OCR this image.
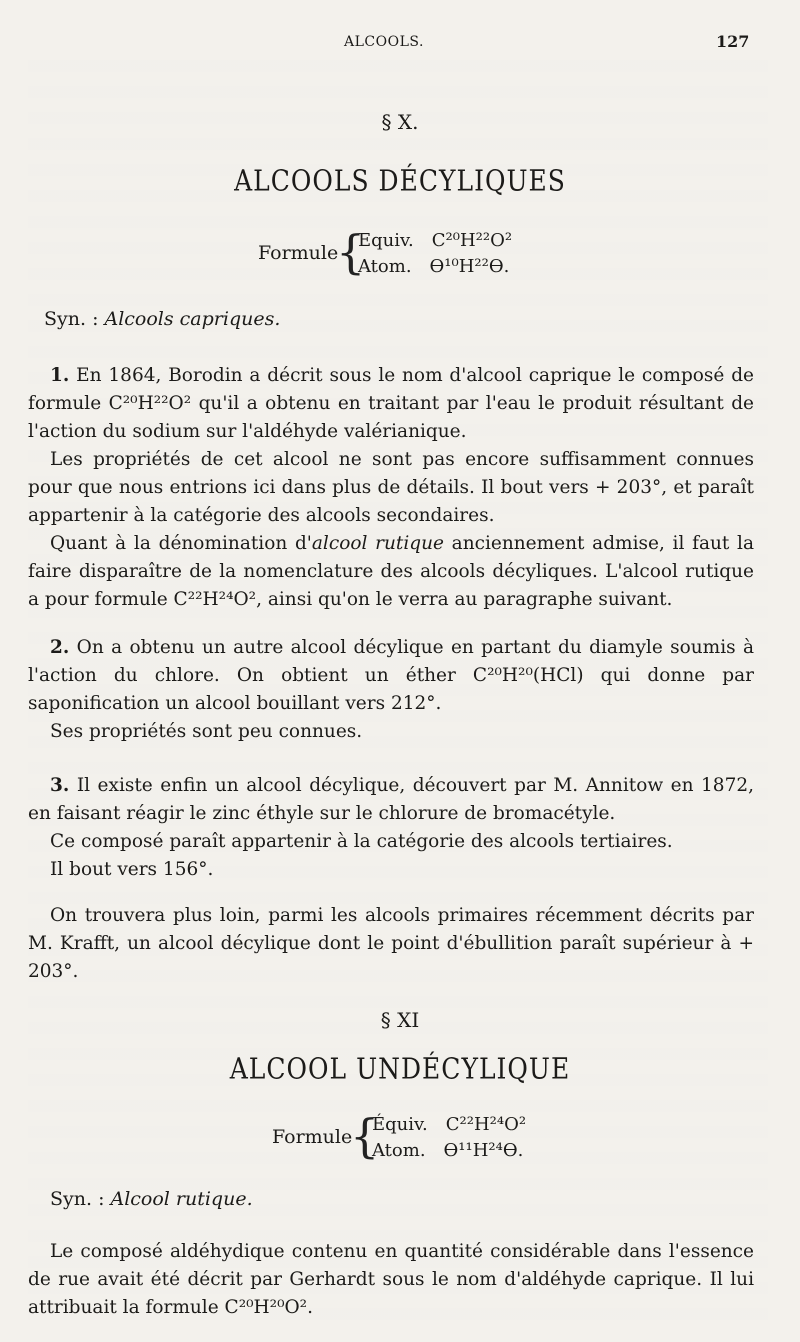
ALCOOLS.	127
§ X.
ALCOOLS DÉCYLIQUES
Formule
{
Equiv. C²⁰H²²O²
Atom. Ɵ¹⁰H²²Ɵ.
Syn. : Alcools capriques.

1. En 1864, Borodin a décrit sous le nom d'alcool caprique le composé de formule C²⁰H²²O² qu'il a obtenu en traitant par l'eau le produit résultant de l'action du sodium sur l'aldéhyde valérianique.

Les propriétés de cet alcool ne sont pas encore suffisamment connues pour que nous entrions ici dans plus de détails. Il bout vers + 203°, et paraît appartenir à la catégorie des alcools secondaires.

Quant à la dénomination d'alcool rutique anciennement admise, il faut la faire disparaître de la nomenclature des alcools décyliques. L'alcool rutique a pour formule C²²H²⁴O², ainsi qu'on le verra au paragraphe suivant.

2. On a obtenu un autre alcool décylique en partant du diamyle soumis à l'action du chlore. On obtient un éther C²⁰H²⁰(HCl) qui donne par saponification un alcool bouillant vers 212°.

Ses propriétés sont peu connues.

3. Il existe enfin un alcool décylique, découvert par M. Annitow en 1872, en faisant réagir le zinc éthyle sur le chlorure de bromacétyle.

Ce composé paraît appartenir à la catégorie des alcools tertiaires.

Il bout vers 156°.

On trouvera plus loin, parmi les alcools primaires récemment décrits par M. Krafft, un alcool décylique dont le point d'ébullition paraît supérieur à + 203°.

§ XI
ALCOOL UNDÉCYLIQUE
Formule
{
Équiv. C²²H²⁴O²
Atom. Ɵ¹¹H²⁴Ɵ.
Syn. : Alcool rutique.

Le composé aldéhydique contenu en quantité considérable dans l'essence de rue avait été décrit par Gerhardt sous le nom d'aldéhyde caprique. Il lui attribuait la formule C²⁰H²⁰O².
